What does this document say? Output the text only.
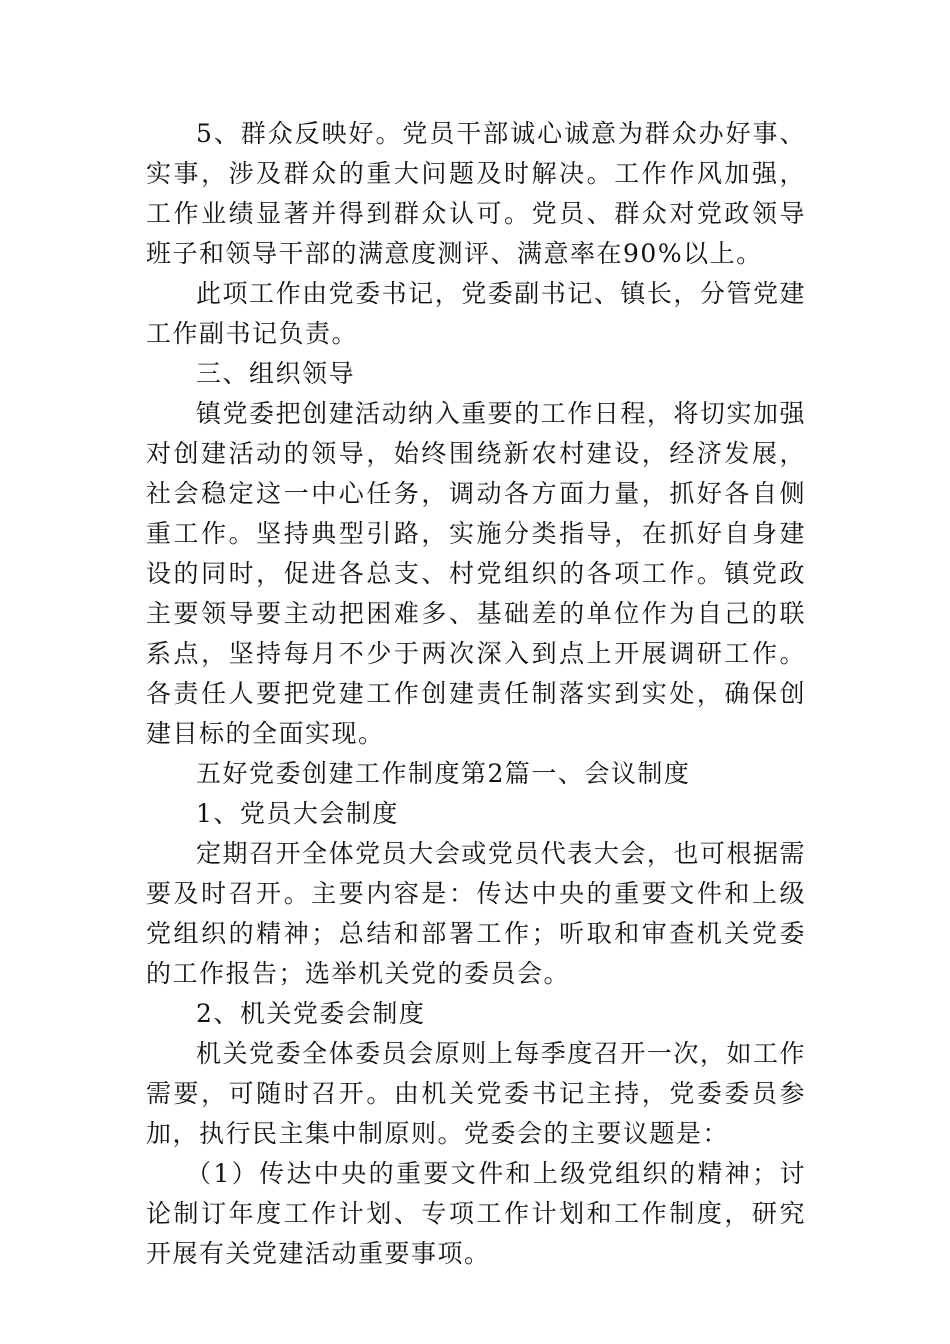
5、群众反映好。党员干部诚心诚意为群众办好事、实事，涉及群众的重大问题及时解决。工作作风加强，工作业绩显著并得到群众认可。党员、群众对党政领导班子和领导干部的满意度测评、满意率在90%以上。

此项工作由党委书记，党委副书记、镇长，分管党建工作副书记负责。

三、组织领导

镇党委把创建活动纳入重要的工作日程，将切实加强对创建活动的领导，始终围绕新农村建设，经济发展，社会稳定这一中心任务，调动各方面力量，抓好各自侧重工作。坚持典型引路，实施分类指导，在抓好自身建设的同时，促进各总支、村党组织的各项工作。镇党政主要领导要主动把困难多、基础差的单位作为自己的联系点，坚持每月不少于两次深入到点上开展调研工作。各责任人要把党建工作创建责任制落实到实处，确保创建目标的全面实现。

五好党委创建工作制度第2篇一、会议制度

1、党员大会制度

定期召开全体党员大会或党员代表大会，也可根据需要及时召开。主要内容是：传达中央的重要文件和上级党组织的精神；总结和部署工作；听取和审查机关党委的工作报告；选举机关党的委员会。

2、机关党委会制度

机关党委全体委员会原则上每季度召开一次，如工作需要，可随时召开。由机关党委书记主持，党委委员参加，执行民主集中制原则。党委会的主要议题是：

（1）传达中央的重要文件和上级党组织的精神；讨论制订年度工作计划、专项工作计划和工作制度，研究开展有关党建活动重要事项。
